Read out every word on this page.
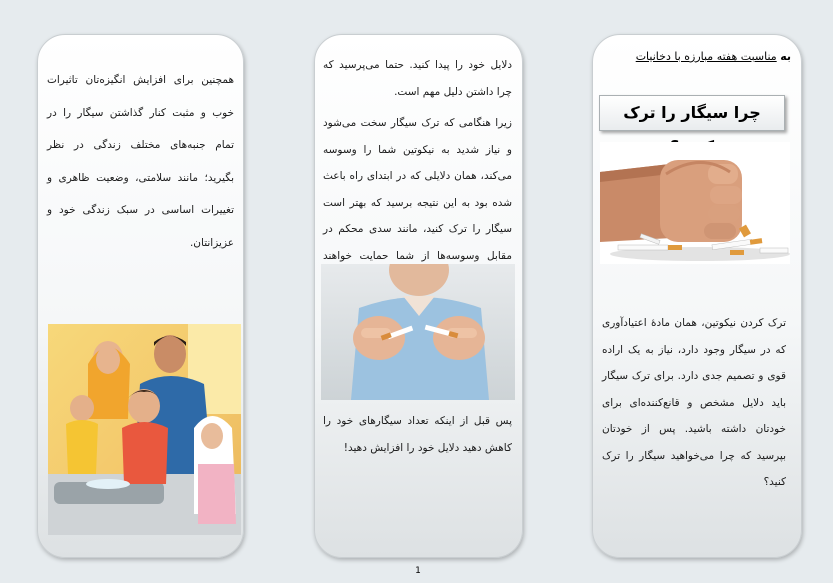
به مناسبت هفته مبارزه با دخانیات
چرا سیگار را ترک
ترک کردن نیکوتین، همان مادهٔ اعتیادآوری که در سیگار وجود دارد، نیاز به یک اراده قوی و تصمیم جدی دارد. برای ترک سیگار باید دلایل مشخص و قانع‌کننده‌ای برای خودتان داشته باشید. پس از خودتان بپرسید که چرا می‌خواهید سیگار را ترک کنید؟
دلایل خود را پیدا کنید. حتما می‌پرسید که چرا داشتن دلیل مهم است.
زیرا هنگامی که ترک سیگار سخت می‌شود و نیاز شدید به نیکوتین شما را وسوسه می‌کند، همان دلایلی که در ابتدای راه باعث شده بود به این نتیجه برسید که بهتر است سیگار را ترک کنید، مانند سدی محکم در مقابل وسوسه‌ها از شما حمایت خواهند
پس قبل از اینکه تعداد سیگارهای خود را کاهش دهید دلایل خود را افزایش دهید!
همچنین برای افزایش انگیزه‌تان تاثیرات خوب و مثبت کنار گذاشتن سیگار را در تمام جنبه‌های مختلف زندگی در نظر بگیرید؛ مانند سلامتی، وضعیت ظاهری و تغییرات اساسی در سبک زندگی خود و عزیزانتان.
1
